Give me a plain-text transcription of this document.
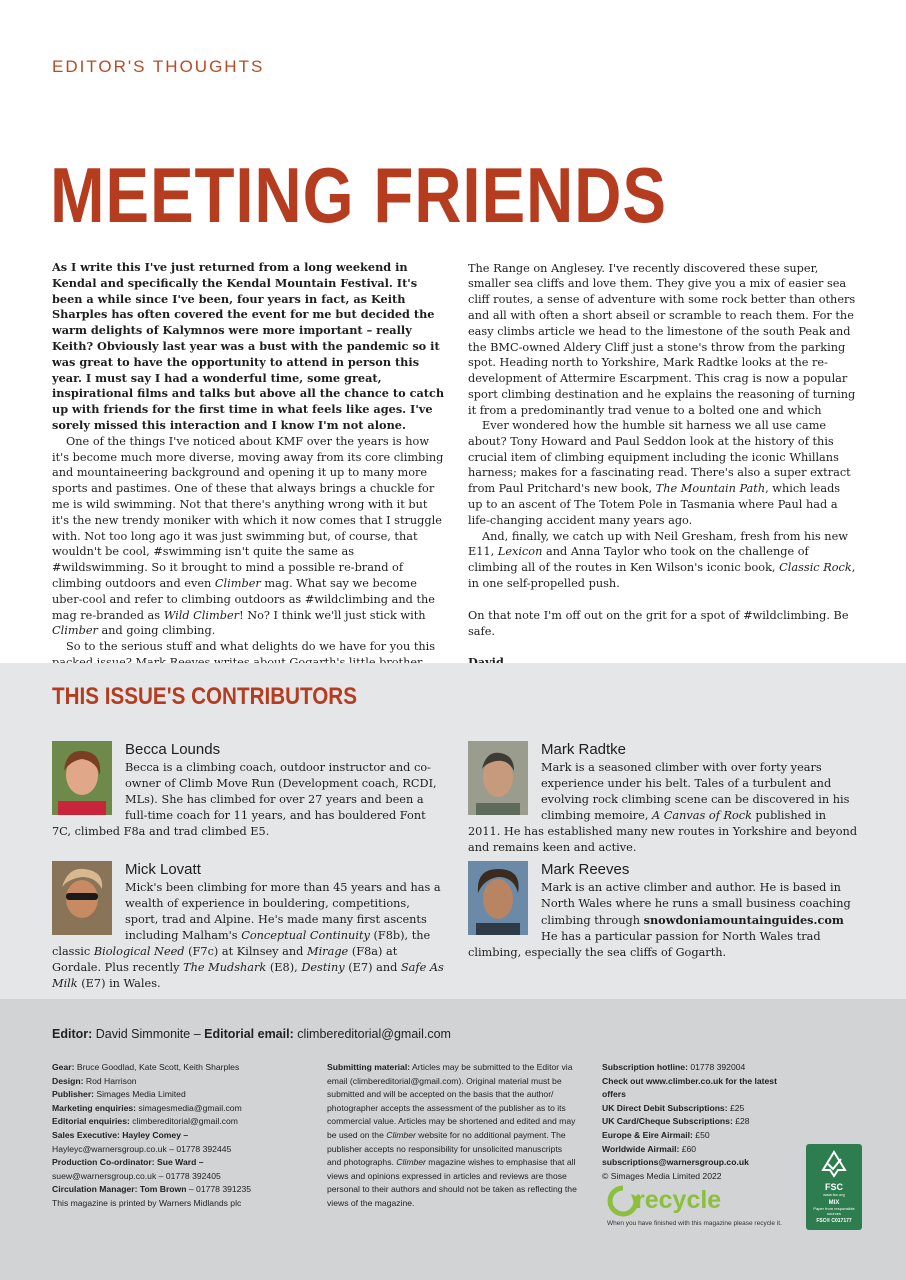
EDITOR'S THOUGHTS
MEETING FRIENDS

As I write this I've just returned from a long weekend in Kendal and specifically the Kendal Mountain Festival. It's been a while since I've been, four years in fact, as Keith Sharples has often covered the event for me but decided the warm delights of Kalymnos were more important – really Keith? Obviously last year was a bust with the pandemic so it was great to have the opportunity to attend in person this year. I must say I had a wonderful time, some great, inspirational films and talks but above all the chance to catch up with friends for the first time in what feels like ages. I've sorely missed this interaction and I know I'm not alone.

One of the things I've noticed about KMF over the years is how it's become much more diverse, moving away from its core climbing and mountaineering background and opening it up to many more sports and pastimes. One of these that always brings a chuckle for me is wild swimming. Not that there's anything wrong with it but it's the new trendy moniker with which it now comes that I struggle with. Not too long ago it was just swimming but, of course, that wouldn't be cool, #swimming isn't quite the same as #wildswimming. So it brought to mind a possible re-brand of climbing outdoors and even Climber mag. What say we become uber-cool and refer to climbing outdoors as #wildclimbing and the mag re-branded as Wild Climber! No? I think we'll just stick with Climber and going climbing.

So to the serious stuff and what delights do we have for you this

The Range on Anglesey. I've recently discovered these super, smaller sea cliffs and love them. They give you a mix of easier sea cliff routes, a sense of adventure with some rock better than others and all with often a short abseil or scramble to reach them. For the easy climbs article we head to the limestone of the south Peak and the BMC-owned Aldery Cliff just a stone's throw from the parking spot. Heading north to Yorkshire, Mark Radtke looks at the re-development of Attermire Escarpment. This crag is now a popular sport climbing destination and he explains the reasoning of turning it from a predominantly trad venue to a bolted one and which

Ever wondered how the humble sit harness we all use came about? Tony Howard and Paul Seddon look at the history of this crucial item of climbing equipment including the iconic Whillans harness; makes for a fascinating read. There's also a super extract from Paul Pritchard's new book, The Mountain Path, which leads up to an ascent of The Totem Pole in Tasmania where Paul had a life-changing accident many years ago.

And, finally, we catch up with Neil Gresham, fresh from his new E11, Lexicon and Anna Taylor who took on the challenge of climbing all of the routes in Ken Wilson's iconic book, Classic Rock, in one self-propelled push.

On that note I'm off out on the grit for a spot of #wildclimbing. Be safe.

THIS ISSUE'S CONTRIBUTORS
Becca Lounds

Becca is a climbing coach, outdoor instructor and co-owner of Climb Move Run (Development coach, RCDI, MLs). She has climbed for over 27 years and been a full-time coach for 11 years, and has bouldered Font 7C, climbed F8a and trad climbed E5.

Mark Radtke

Mark is a seasoned climber with over forty years experience under his belt. Tales of a turbulent and evolving rock climbing scene can be discovered in his climbing memoire, A Canvas of Rock published in 2011. He has established many new routes in Yorkshire and beyond and remains keen and active.

Mick Lovatt

Mick's been climbing for more than 45 years and has a wealth of experience in bouldering, competitions, sport, trad and Alpine. He's made many first ascents including Malham's Conceptual Continuity (F8b), the classic Biological Need (F7c) at Kilnsey and Mirage (F8a) at Gordale. Plus recently The Mudshark (E8), Destiny (E7) and Safe As Milk (E7) in Wales.

Mark Reeves

Mark is an active climber and author. He is based in North Wales where he runs a small business coaching climbing through snowdoniamountainguides.com He has a particular passion for North Wales trad climbing, especially the sea cliffs of Gogarth.

Editor: David Simmonite – Editorial email: climbereditorial@gmail.com

Gear: Bruce Goodlad, Kate Scott, Keith Sharples

Design: Rod Harrison

Publisher: Simages Media Limited

Marketing enquiries: simagesmedia@gmail.com

Editorial enquiries: climbereditorial@gmail.com

Sales Executive: Hayley Comey –

Hayleyc@warnersgroup.co.uk – 01778 392445

Production Co-ordinator: Sue Ward –

suew@warnersgroup.co.uk – 01778 392405

Circulation Manager: Tom Brown – 01778 391235

This magazine is printed by Warners Midlands plc

Submitting material: Articles may be submitted to the Editor via email (climbereditorial@gmail.com). Original material must be submitted and will be accepted on the basis that the author/ photographer accepts the assessment of the publisher as to its commercial value. Articles may be shortened and edited and may be used on the Climber website for no additional payment. The publisher accepts no responsibility for unsolicited manuscripts and photographs. Climber magazine wishes to emphasise that all views and opinions expressed in articles and reviews are those personal to their authors and should not be taken as reflecting the views of the magazine.

Subscription hotline: 01778 392004

Check out www.climber.co.uk for the latest offers

UK Direct Debit Subscriptions: £25

UK Card/Cheque Subscriptions: £28

Europe & Eire Airmail: £50

Worldwide Airmail: £60

subscriptions@warnersgroup.co.uk

© Simages Media Limited 2022

recycle
When you have finished with this magazine please recycle it.
FSC
www.fsc.org
MIX
Paper from responsible sources
FSC® C017177
